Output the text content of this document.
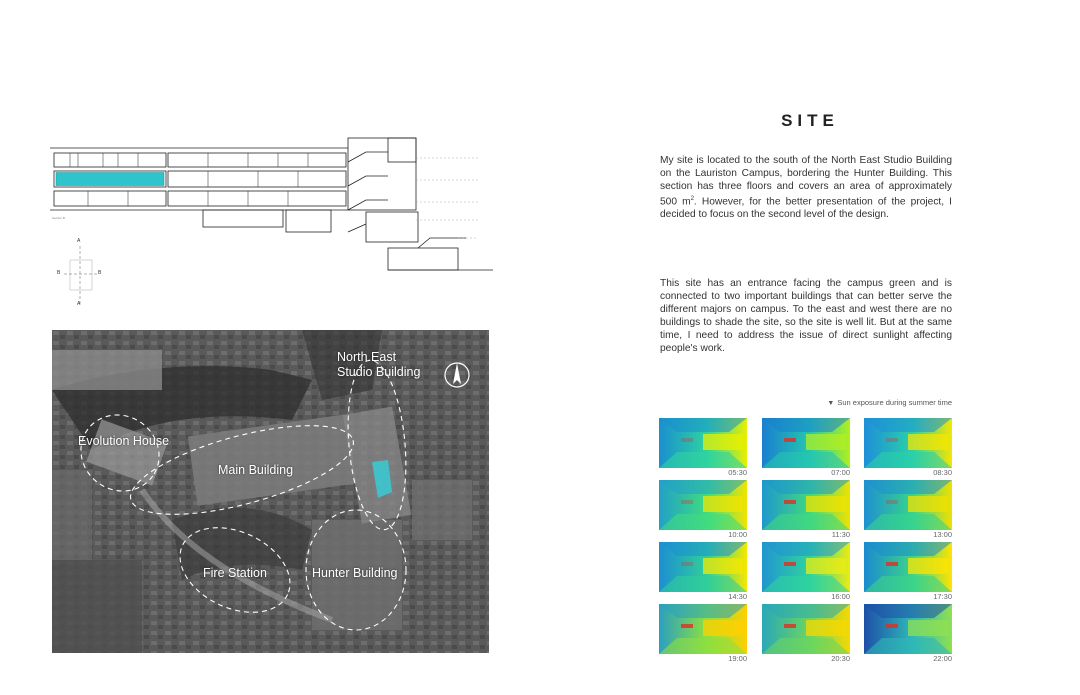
Section B
A
A
B	B
North East
Studio Building
Evolution House
Main Building
Fire Station	Hunter Building
SITE

My site is located to the south of the North East Studio Building on the Lauriston Campus, bordering the Hunter Building. This section has three floors and covers an area of approximately 500 $m^2$. However, for the better presentation of the project, I decided to focus on the second level of the design.

This site has an entrance facing the campus green and is connected to two important buildings that can better serve the different majors on campus. To the east and west there are no buildings to shade the site, so the site is well lit. But at the same time, I need to address the issue of direct sunlight affecting people's work.

▼ Sun exposure during summer time
05:30	07:00	08:30
10:00	11:30	13:00
14:30	16:00	17:30
19:00	20:30	22:00
